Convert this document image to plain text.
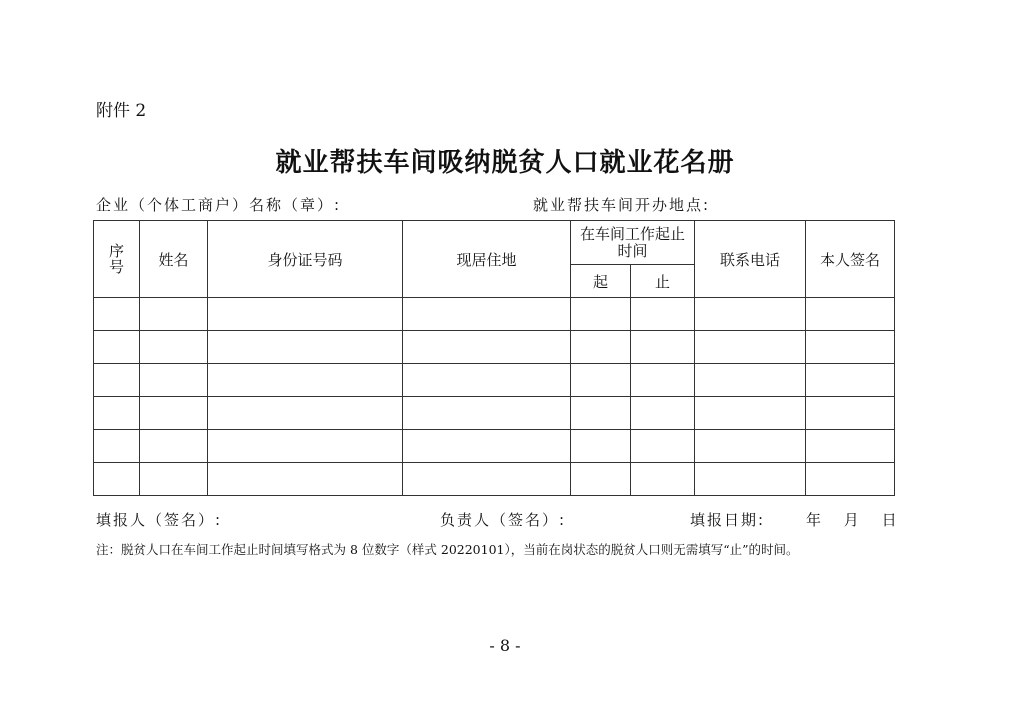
附件 2
就业帮扶车间吸纳脱贫人口就业花名册
企业（个体工商户）名称（章）:	就业帮扶车间开办地点:
序号	姓名	身份证号码	现居住地	在车间工作起止时间		联系电话	本人签名
				起	止		

填报人（签名）:	负责人（签名）:	填报日期:	年 月 日
注：脱贫人口在车间工作起止时间填写格式为 8 位数字（样式 20220101），当前在岗状态的脱贫人口则无需填写“止”的时间。
- 8 -
